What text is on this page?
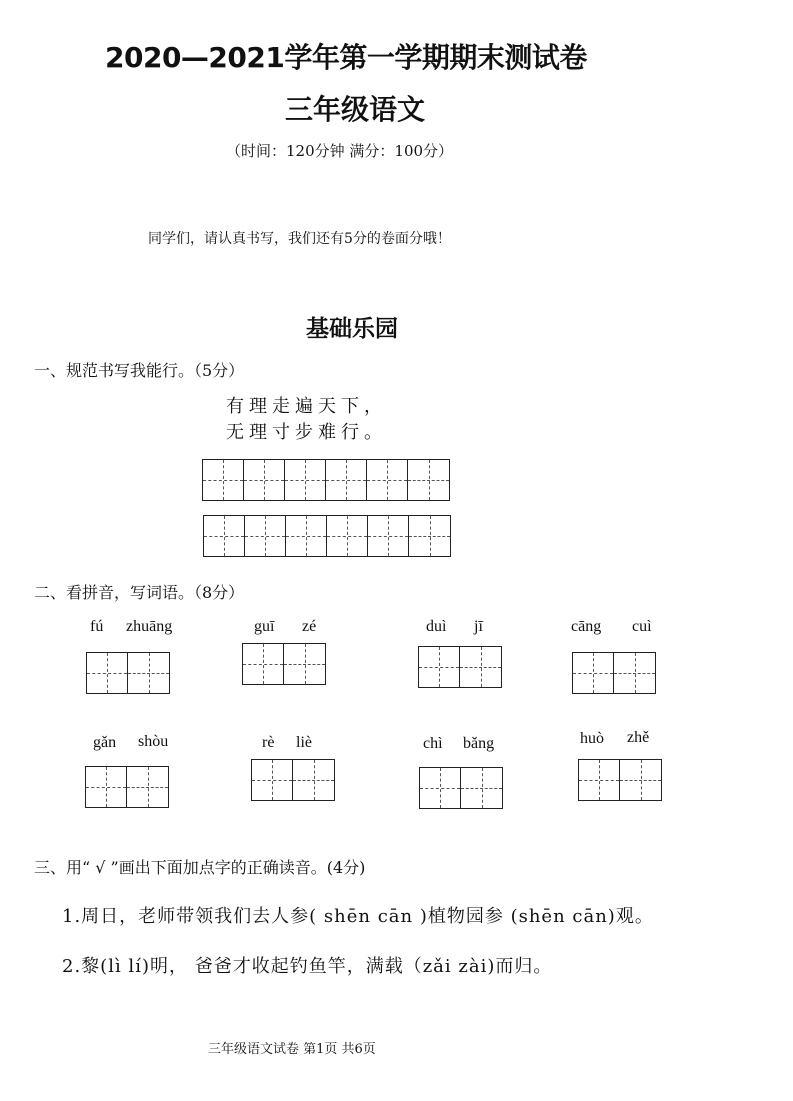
2020—2021学年第一学期期末测试卷
三年级语文
（时间：120分钟 满分：100分）
同学们，请认真书写，我们还有5分的卷面分哦！
基础乐园
一、规范书写我能行。（5分）
有理走遍天下，
无理寸步难行。
二、看拼音，写词语。（8分）
fú zhuāng	guī zé	duì jī	cāng cuì
gǎn shòu	rè liè	chì bǎng	huò zhě
三、用“ √ ”画出下面加点字的正确读音。(4分)
1.周日，老师带领我们去人参( shēn cān )植物园参 (shēn cān)观。
2.黎(lì lí)明， 爸爸才收起钓鱼竿，满载（zǎi zài)而归。
三年级语文试卷 第1页 共6页
